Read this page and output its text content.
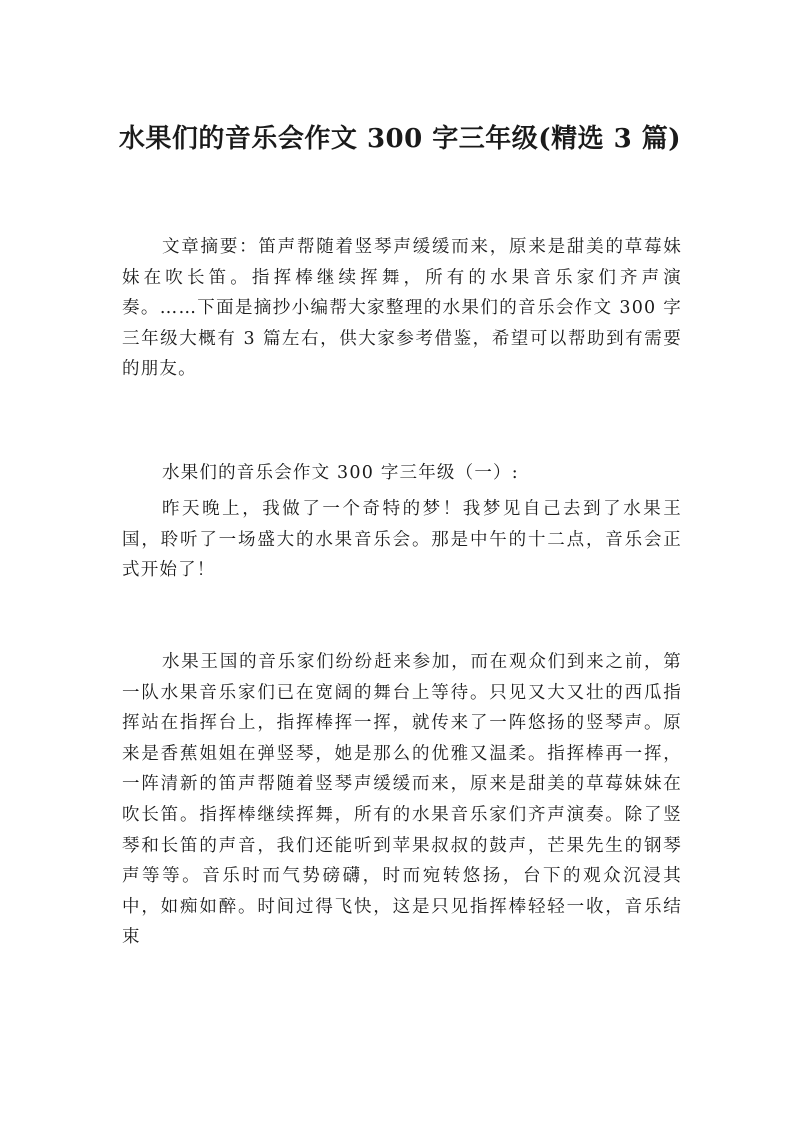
水果们的音乐会作文 300 字三年级(精选 3 篇)

文章摘要：笛声帮随着竖琴声缓缓而来，原来是甜美的草莓妹妹在吹长笛。指挥棒继续挥舞，所有的水果音乐家们齐声演奏。……下面是摘抄小编帮大家整理的水果们的音乐会作文 300 字三年级大概有 3 篇左右，供大家参考借鉴，希望可以帮助到有需要的朋友。

水果们的音乐会作文 300 字三年级（一）:

昨天晚上，我做了一个奇特的梦！我梦见自己去到了水果王国，聆听了一场盛大的水果音乐会。那是中午的十二点，音乐会正式开始了！

水果王国的音乐家们纷纷赶来参加，而在观众们到来之前，第一队水果音乐家们已在宽阔的舞台上等待。只见又大又壮的西瓜指挥站在指挥台上，指挥棒挥一挥，就传来了一阵悠扬的竖琴声。原来是香蕉姐姐在弹竖琴，她是那么的优雅又温柔。指挥棒再一挥，一阵清新的笛声帮随着竖琴声缓缓而来，原来是甜美的草莓妹妹在吹长笛。指挥棒继续挥舞，所有的水果音乐家们齐声演奏。除了竖琴和长笛的声音，我们还能听到苹果叔叔的鼓声，芒果先生的钢琴声等等。音乐时而气势磅礴，时而宛转悠扬，台下的观众沉浸其中，如痴如醉。时间过得飞快，这是只见指挥棒轻轻一收，音乐结束
